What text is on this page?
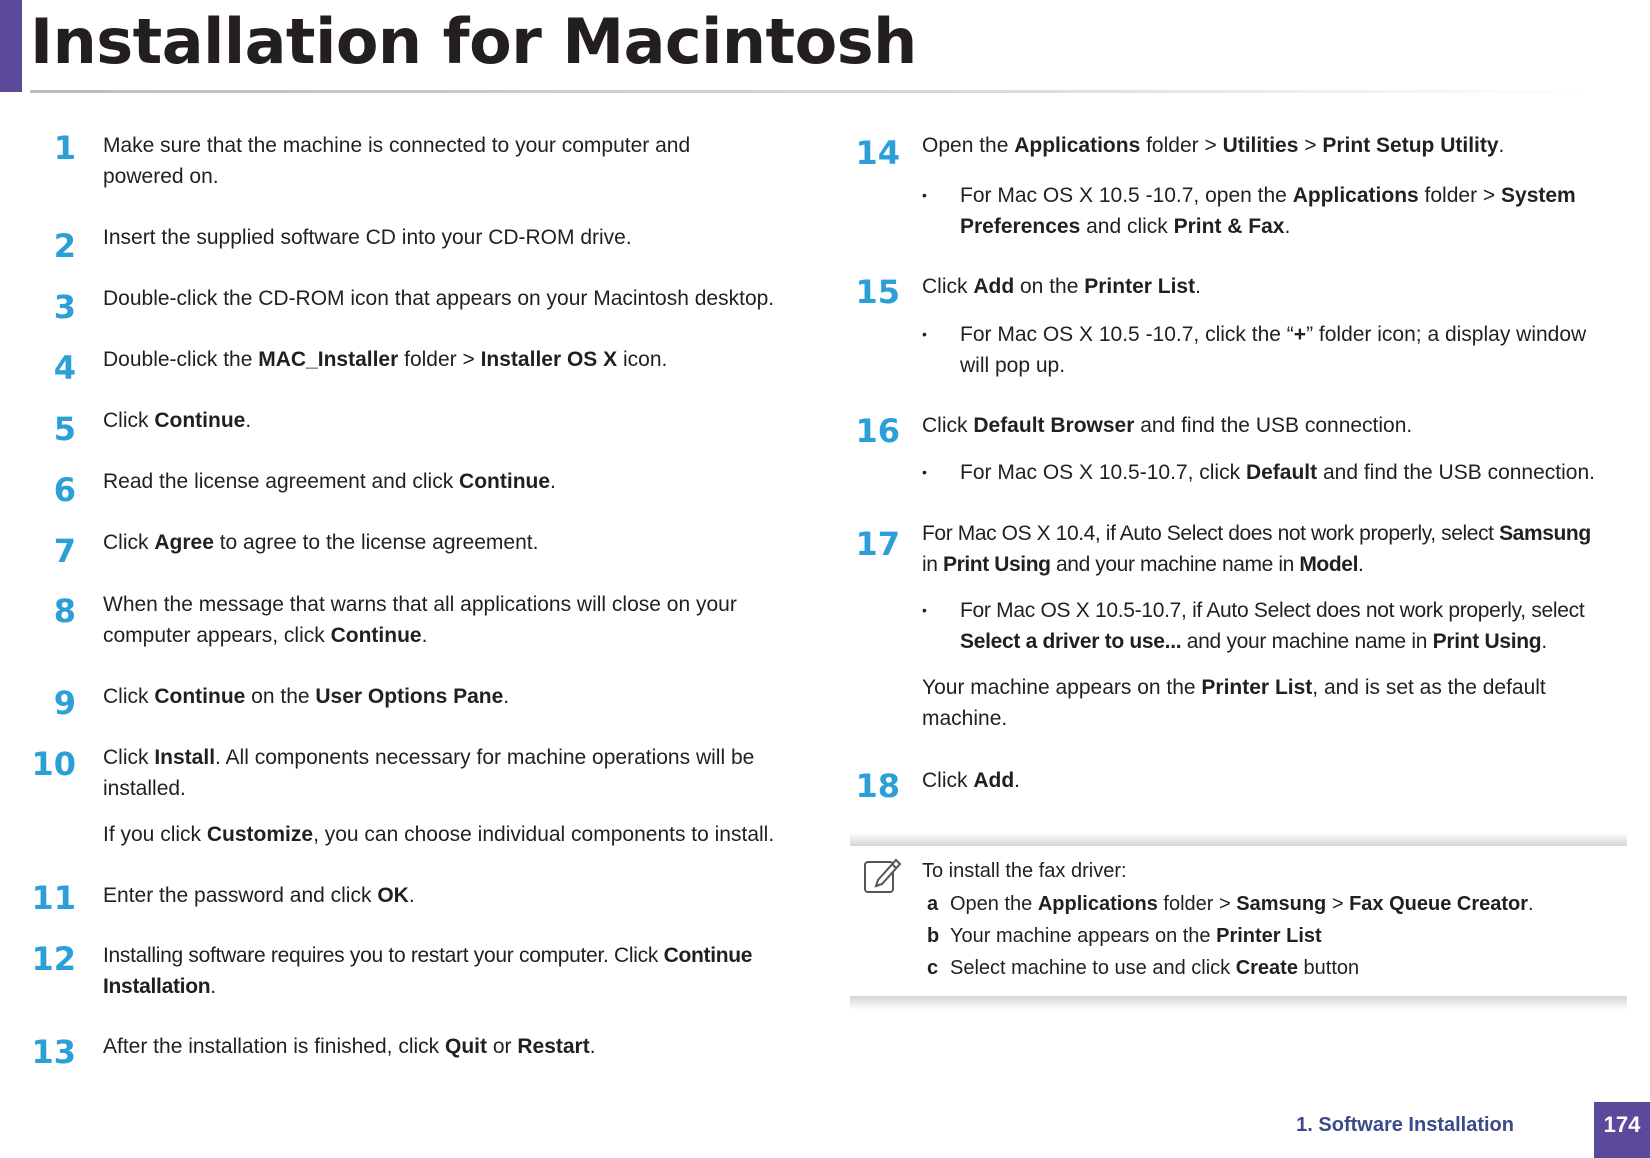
Installation for Macintosh
1 Make sure that the machine is connected to your computer and
powered on.
2 Insert the supplied software CD into your CD-ROM drive.
3 Double-click the CD-ROM icon that appears on your Macintosh desktop.
4 Double-click the MAC_Installer folder > Installer OS X icon.
5 Click Continue.
6 Read the license agreement and click Continue.
7 Click Agree to agree to the license agreement.
8 When the message that warns that all applications will close on your
computer appears, click Continue.
9 Click Continue on the User Options Pane.
10 Click Install. All components necessary for machine operations will be
installed.
If you click Customize, you can choose individual components to install.
11 Enter the password and click OK.
12 Installing software requires you to restart your computer. Click Continue
Installation.
13 After the installation is finished, click Quit or Restart.
14 Open the Applications folder > Utilities > Print Setup Utility.
• For Mac OS X 10.5 -10.7, open the Applications folder > System
Preferences and click Print & Fax.
15 Click Add on the Printer List.
• For Mac OS X 10.5 -10.7, click the “+” folder icon; a display window
will pop up.
16 Click Default Browser and find the USB connection.
• For Mac OS X 10.5-10.7, click Default and find the USB connection.
17 For Mac OS X 10.4, if Auto Select does not work properly, select Samsung
in Print Using and your machine name in Model.
• For Mac OS X 10.5-10.7, if Auto Select does not work properly, select
Select a driver to use... and your machine name in Print Using.
Your machine appears on the Printer List, and is set as the default
machine.
18 Click Add.
To install the fax driver:
a Open the Applications folder > Samsung > Fax Queue Creator.
b Your machine appears on the Printer List
c Select machine to use and click Create button
1. Software Installation	174
